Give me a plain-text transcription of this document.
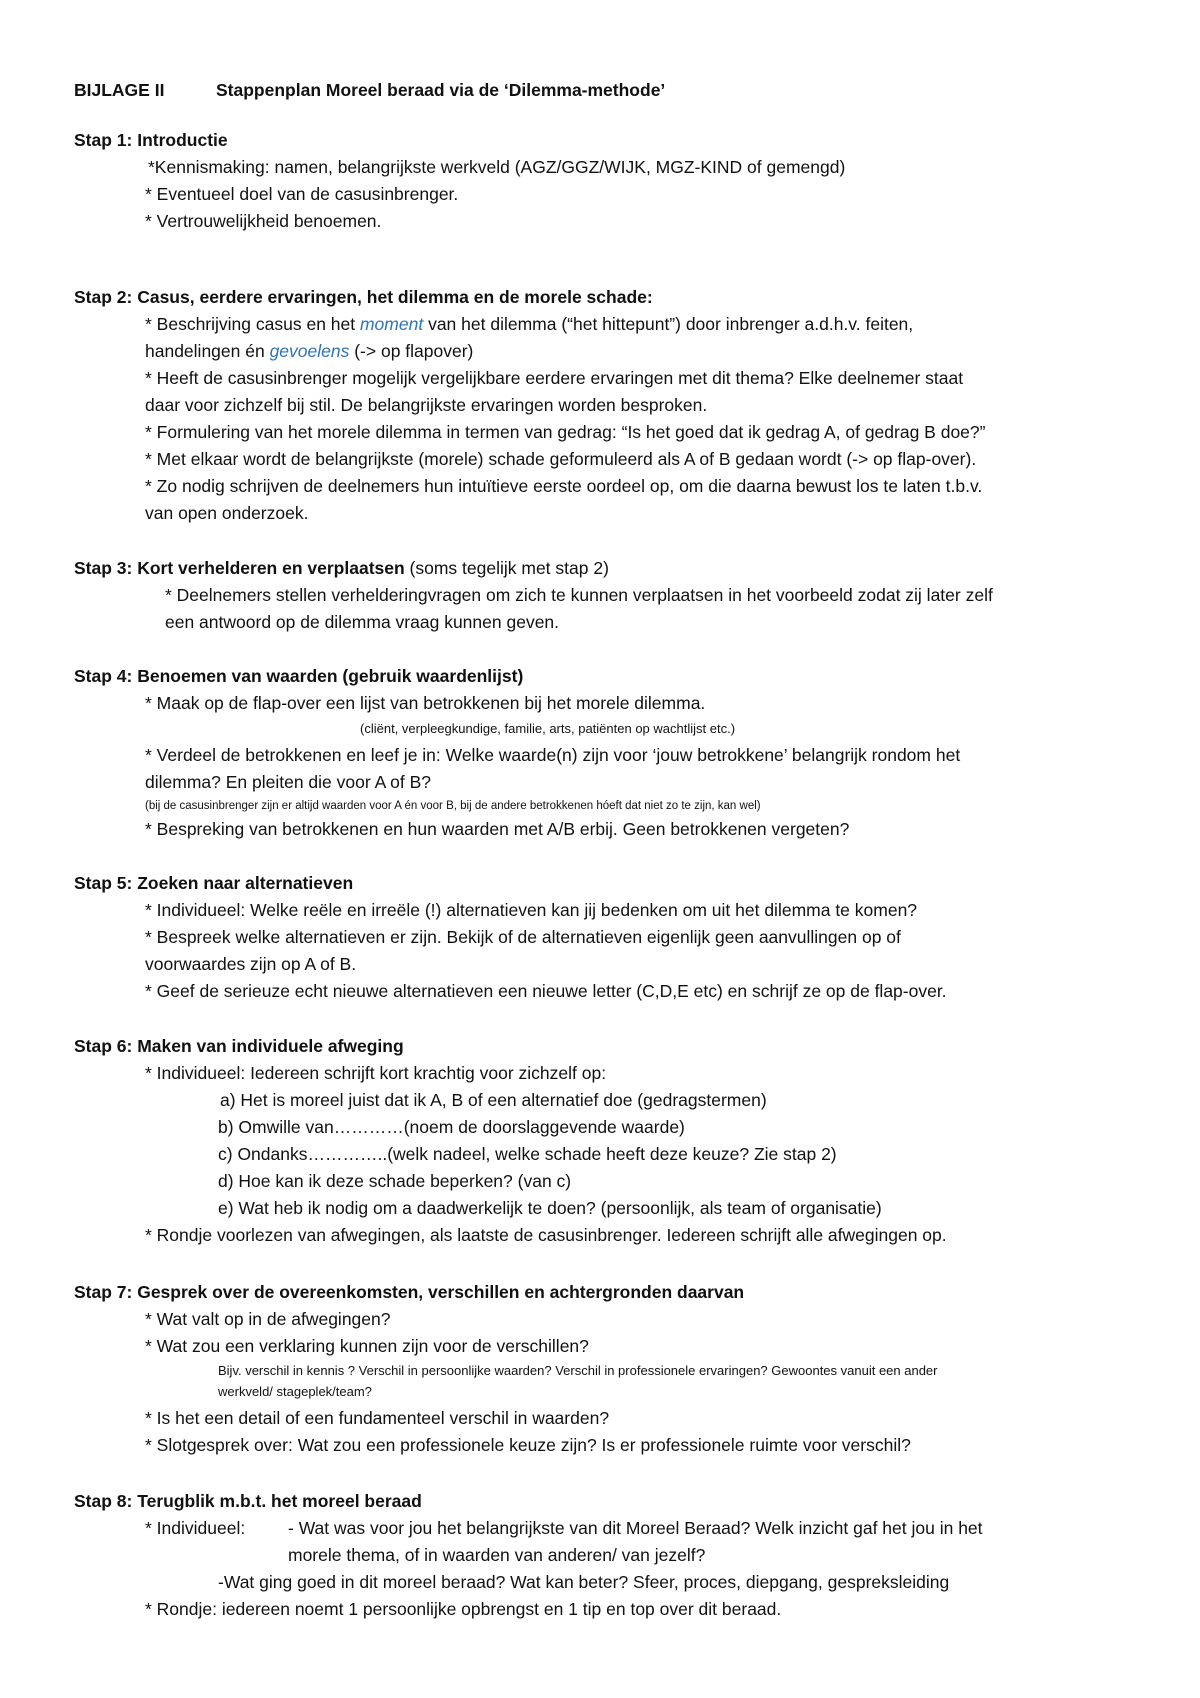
BIJLAGE II	Stappenplan Moreel beraad via de ‘Dilemma-methode’
Stap 1: Introductie
*Kennismaking: namen, belangrijkste werkveld (AGZ/GGZ/WIJK, MGZ-KIND of gemengd)
* Eventueel doel van de casusinbrenger.
* Vertrouwelijkheid benoemen.
Stap 2: Casus, eerdere ervaringen, het dilemma en de morele schade:
* Beschrijving casus en het moment van het dilemma (“het hittepunt”) door inbrenger a.d.h.v. feiten,
handelingen én gevoelens (-> op flapover)
* Heeft de casusinbrenger mogelijk vergelijkbare eerdere ervaringen met dit thema? Elke deelnemer staat
daar voor zichzelf bij stil. De belangrijkste ervaringen worden besproken.
* Formulering van het morele dilemma in termen van gedrag: “Is het goed dat ik gedrag A, of gedrag B doe?”
* Met elkaar wordt de belangrijkste (morele) schade geformuleerd als A of B gedaan wordt (-> op flap-over).
* Zo nodig schrijven de deelnemers hun intuïtieve eerste oordeel op, om die daarna bewust los te laten t.b.v.
van open onderzoek.
Stap 3: Kort verhelderen en verplaatsen (soms tegelijk met stap 2)
* Deelnemers stellen verhelderingvragen om zich te kunnen verplaatsen in het voorbeeld zodat zij later zelf
een antwoord op de dilemma vraag kunnen geven.
Stap 4: Benoemen van waarden (gebruik waardenlijst)
* Maak op de flap-over een lijst van betrokkenen bij het morele dilemma.
(cliënt, verpleegkundige, familie, arts, patiënten op wachtlijst etc.)
* Verdeel de betrokkenen en leef je in: Welke waarde(n) zijn voor ‘jouw betrokkene’ belangrijk rondom het
dilemma? En pleiten die voor A of B?
(bij de casusinbrenger zijn er altijd waarden voor A én voor B, bij de andere betrokkenen hóeft dat niet zo te zijn, kan wel)
* Bespreking van betrokkenen en hun waarden met A/B erbij. Geen betrokkenen vergeten?
Stap 5: Zoeken naar alternatieven
* Individueel: Welke reële en irreële (!) alternatieven kan jij bedenken om uit het dilemma te komen?
* Bespreek welke alternatieven er zijn. Bekijk of de alternatieven eigenlijk geen aanvullingen op of
voorwaardes zijn op A of B.
* Geef de serieuze echt nieuwe alternatieven een nieuwe letter (C,D,E etc) en schrijf ze op de flap-over.
Stap 6: Maken van individuele afweging
* Individueel: Iedereen schrijft kort krachtig voor zichzelf op:
a) Het is moreel juist dat ik A, B of een alternatief doe (gedragstermen)
b) Omwille van…………(noem de doorslaggevende waarde)
c) Ondanks…………..(welk nadeel, welke schade heeft deze keuze? Zie stap 2)
d) Hoe kan ik deze schade beperken? (van c)
e) Wat heb ik nodig om a daadwerkelijk te doen? (persoonlijk, als team of organisatie)
* Rondje voorlezen van afwegingen, als laatste de casusinbrenger. Iedereen schrijft alle afwegingen op.
Stap 7: Gesprek over de overeenkomsten, verschillen en achtergronden daarvan
* Wat valt op in de afwegingen?
* Wat zou een verklaring kunnen zijn voor de verschillen?
Bijv. verschil in kennis ? Verschil in persoonlijke waarden? Verschil in professionele ervaringen? Gewoontes vanuit een ander
werkveld/ stageplek/team?
* Is het een detail of een fundamenteel verschil in waarden?
* Slotgesprek over: Wat zou een professionele keuze zijn? Is er professionele ruimte voor verschil?
Stap 8: Terugblik m.b.t. het moreel beraad
* Individueel: - Wat was voor jou het belangrijkste van dit Moreel Beraad? Welk inzicht gaf het jou in het
morele thema, of in waarden van anderen/ van jezelf?
-Wat ging goed in dit moreel beraad? Wat kan beter? Sfeer, proces, diepgang, gespreksleiding
* Rondje: iedereen noemt 1 persoonlijke opbrengst en 1 tip en top over dit beraad.
